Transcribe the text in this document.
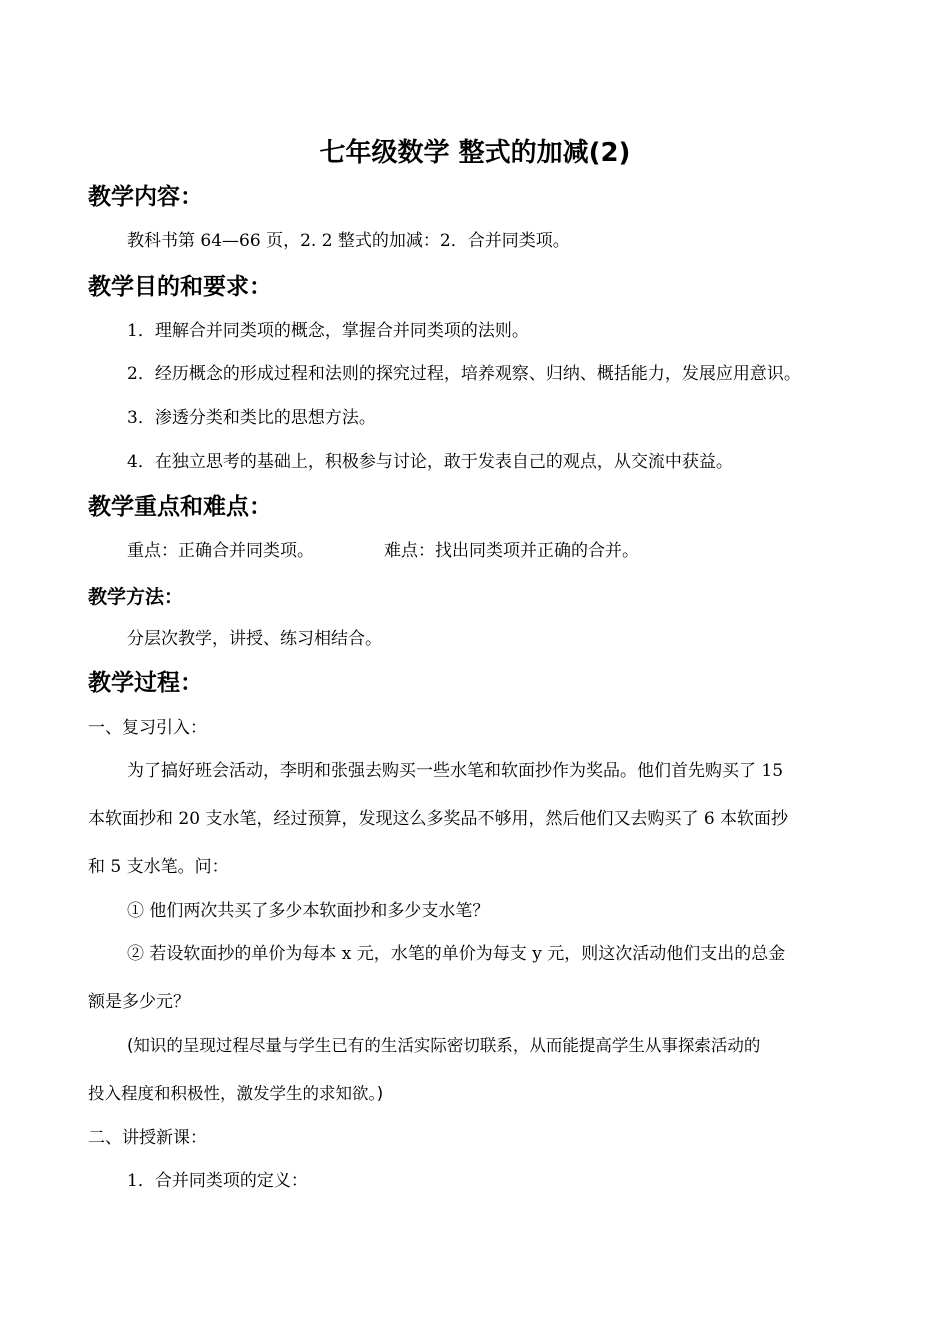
七年级数学 整式的加减(2)
教学内容：
教科书第 64—66 页，2. 2 整式的加减：2．合并同类项。
教学目的和要求：
1．理解合并同类项的概念，掌握合并同类项的法则。
2．经历概念的形成过程和法则的探究过程，培养观察、归纳、概括能力，发展应用意识。
3．渗透分类和类比的思想方法。
4．在独立思考的基础上，积极参与讨论，敢于发表自己的观点，从交流中获益。
教学重点和难点：
重点：正确合并同类项。	难点：找出同类项并正确的合并。
教学方法：
分层次教学，讲授、练习相结合。
教学过程：
一、复习引入：
为了搞好班会活动，李明和张强去购买一些水笔和软面抄作为奖品。他们首先购买了 15
本软面抄和 20 支水笔，经过预算，发现这么多奖品不够用，然后他们又去购买了 6 本软面抄
和 5 支水笔。问：
① 他们两次共买了多少本软面抄和多少支水笔？
② 若设软面抄的单价为每本 x 元，水笔的单价为每支 y 元，则这次活动他们支出的总金
额是多少元？
(知识的呈现过程尽量与学生已有的生活实际密切联系，从而能提高学生从事探索活动的
投入程度和积极性，激发学生的求知欲。)
二、讲授新课：
1．合并同类项的定义：
